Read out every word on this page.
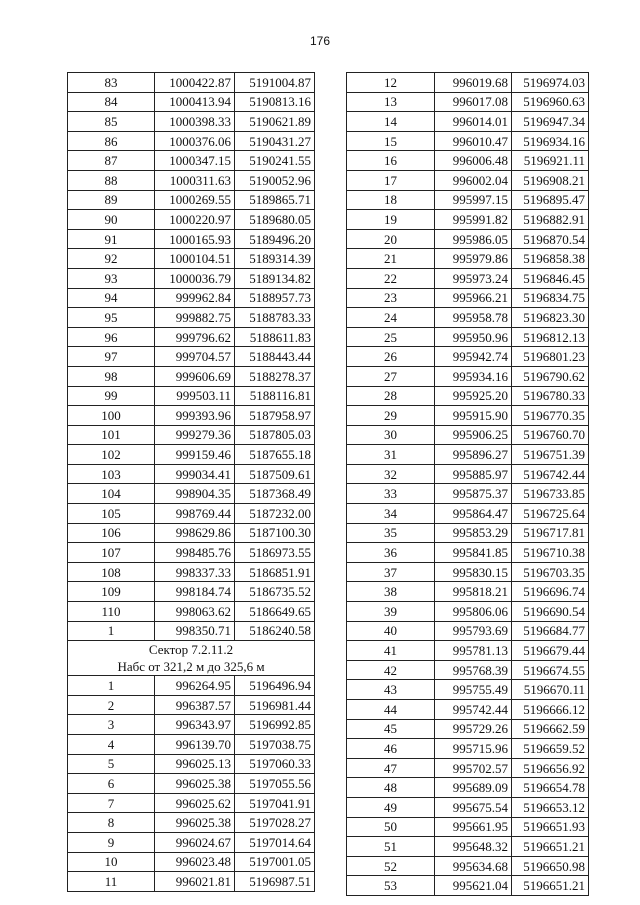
176
83	1000422.87	5191004.87
84	1000413.94	5190813.16
85	1000398.33	5190621.89
86	1000376.06	5190431.27
87	1000347.15	5190241.55
88	1000311.63	5190052.96
89	1000269.55	5189865.71
90	1000220.97	5189680.05
91	1000165.93	5189496.20
92	1000104.51	5189314.39
93	1000036.79	5189134.82
94	999962.84	5188957.73
95	999882.75	5188783.33
96	999796.62	5188611.83
97	999704.57	5188443.44
98	999606.69	5188278.37
99	999503.11	5188116.81
100	999393.96	5187958.97
101	999279.36	5187805.03
102	999159.46	5187655.18
103	999034.41	5187509.61
104	998904.35	5187368.49
105	998769.44	5187232.00
106	998629.86	5187100.30
107	998485.76	5186973.55
108	998337.33	5186851.91
109	998184.74	5186735.52
110	998063.62	5186649.65
1	998350.71	5186240.58

Сектор 7.2.11.2
Набс от 321,2 м до 325,6 м		

1	996264.95	5196496.94
2	996387.57	5196981.44
3	996343.97	5196992.85
4	996139.70	5197038.75
5	996025.13	5197060.33
6	996025.38	5197055.56
7	996025.62	5197041.91
8	996025.38	5197028.27
9	996024.67	5197014.64
10	996023.48	5197001.05
11	996021.81	5196987.51
12	996019.68	5196974.03
13	996017.08	5196960.63
14	996014.01	5196947.34
15	996010.47	5196934.16
16	996006.48	5196921.11
17	996002.04	5196908.21
18	995997.15	5196895.47
19	995991.82	5196882.91
20	995986.05	5196870.54
21	995979.86	5196858.38
22	995973.24	5196846.45
23	995966.21	5196834.75
24	995958.78	5196823.30
25	995950.96	5196812.13
26	995942.74	5196801.23
27	995934.16	5196790.62
28	995925.20	5196780.33
29	995915.90	5196770.35
30	995906.25	5196760.70
31	995896.27	5196751.39
32	995885.97	5196742.44
33	995875.37	5196733.85
34	995864.47	5196725.64
35	995853.29	5196717.81
36	995841.85	5196710.38
37	995830.15	5196703.35
38	995818.21	5196696.74
39	995806.06	5196690.54
40	995793.69	5196684.77
41	995781.13	5196679.44
42	995768.39	5196674.55
43	995755.49	5196670.11
44	995742.44	5196666.12
45	995729.26	5196662.59
46	995715.96	5196659.52
47	995702.57	5196656.92
48	995689.09	5196654.78
49	995675.54	5196653.12
50	995661.95	5196651.93
51	995648.32	5196651.21
52	995634.68	5196650.98
53	995621.04	5196651.21
